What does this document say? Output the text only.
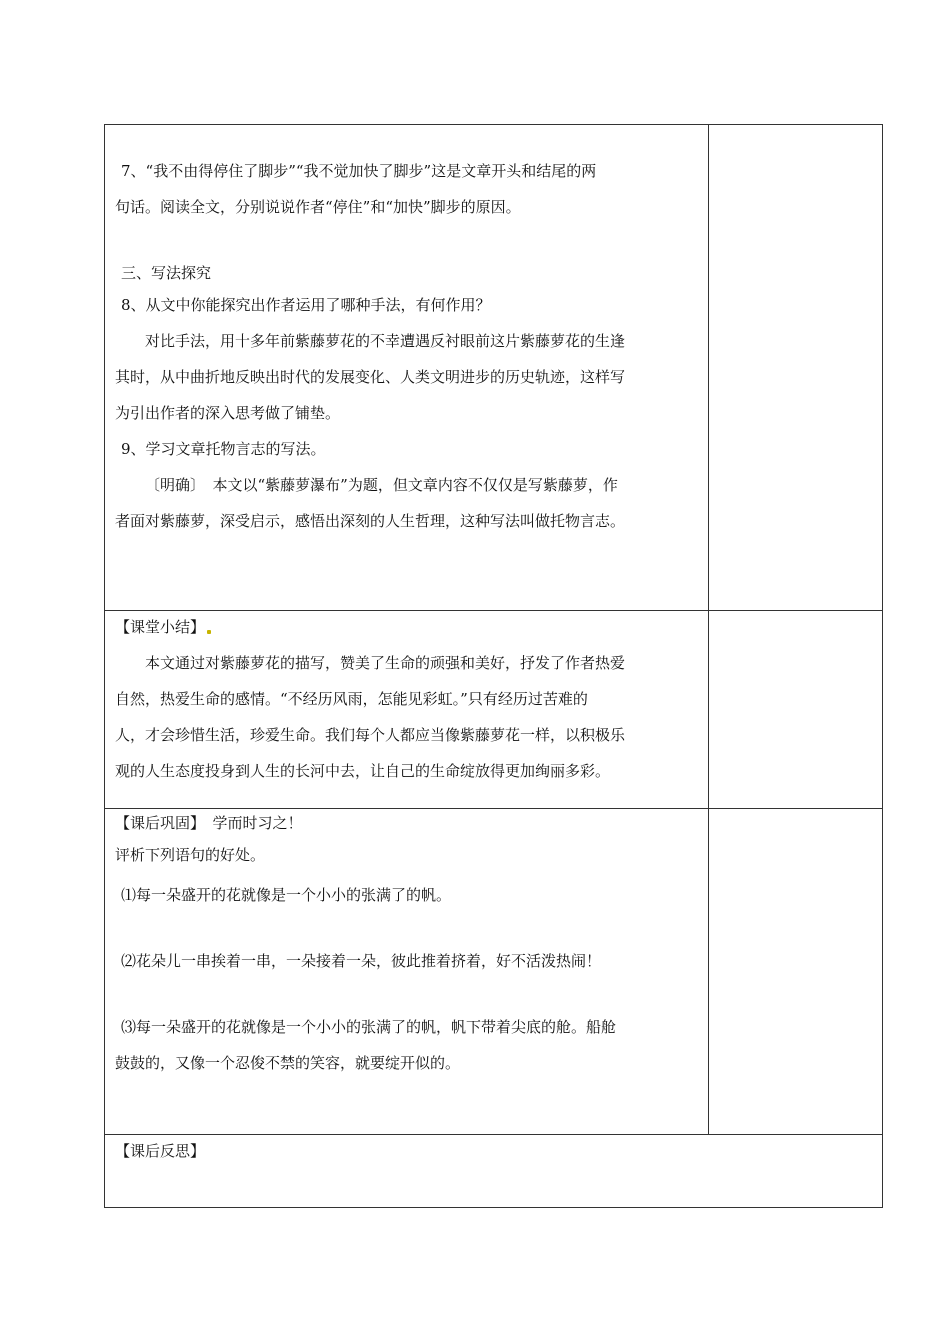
7、“我不由得停住了脚步”“我不觉加快了脚步”这是文章开头和结尾的两
句话。阅读全文，分别说说作者“停住”和“加快”脚步的原因。
三、写法探究
8、从文中你能探究出作者运用了哪种手法，有何作用？
对比手法，用十多年前紫藤萝花的不幸遭遇反衬眼前这片紫藤萝花的生逢
其时，从中曲折地反映出时代的发展变化、人类文明进步的历史轨迹，这样写
为引出作者的深入思考做了铺垫。
9、学习文章托物言志的写法。
〔明确〕　本文以“紫藤萝瀑布”为题，但文章内容不仅仅是写紫藤萝，作
者面对紫藤萝，深受启示，感悟出深刻的人生哲理，这种写法叫做托物言志。
【课堂小结】
本文通过对紫藤萝花的描写，赞美了生命的顽强和美好，抒发了作者热爱
自然，热爱生命的感情。“不经历风雨，怎能见彩虹。”只有经历过苦难的
人，才会珍惜生活，珍爱生命。我们每个人都应当像紫藤萝花一样，以积极乐
观的人生态度投身到人生的长河中去，让自己的生命绽放得更加绚丽多彩。
【课后巩固】　学而时习之！
评析下列语句的好处。
⑴每一朵盛开的花就像是一个小小的张满了的帆。
⑵花朵儿一串挨着一串，一朵接着一朵，彼此推着挤着，好不活泼热闹！
⑶每一朵盛开的花就像是一个小小的张满了的帆，帆下带着尖底的舱。船舱
鼓鼓的，又像一个忍俊不禁的笑容，就要绽开似的。
【课后反思】
